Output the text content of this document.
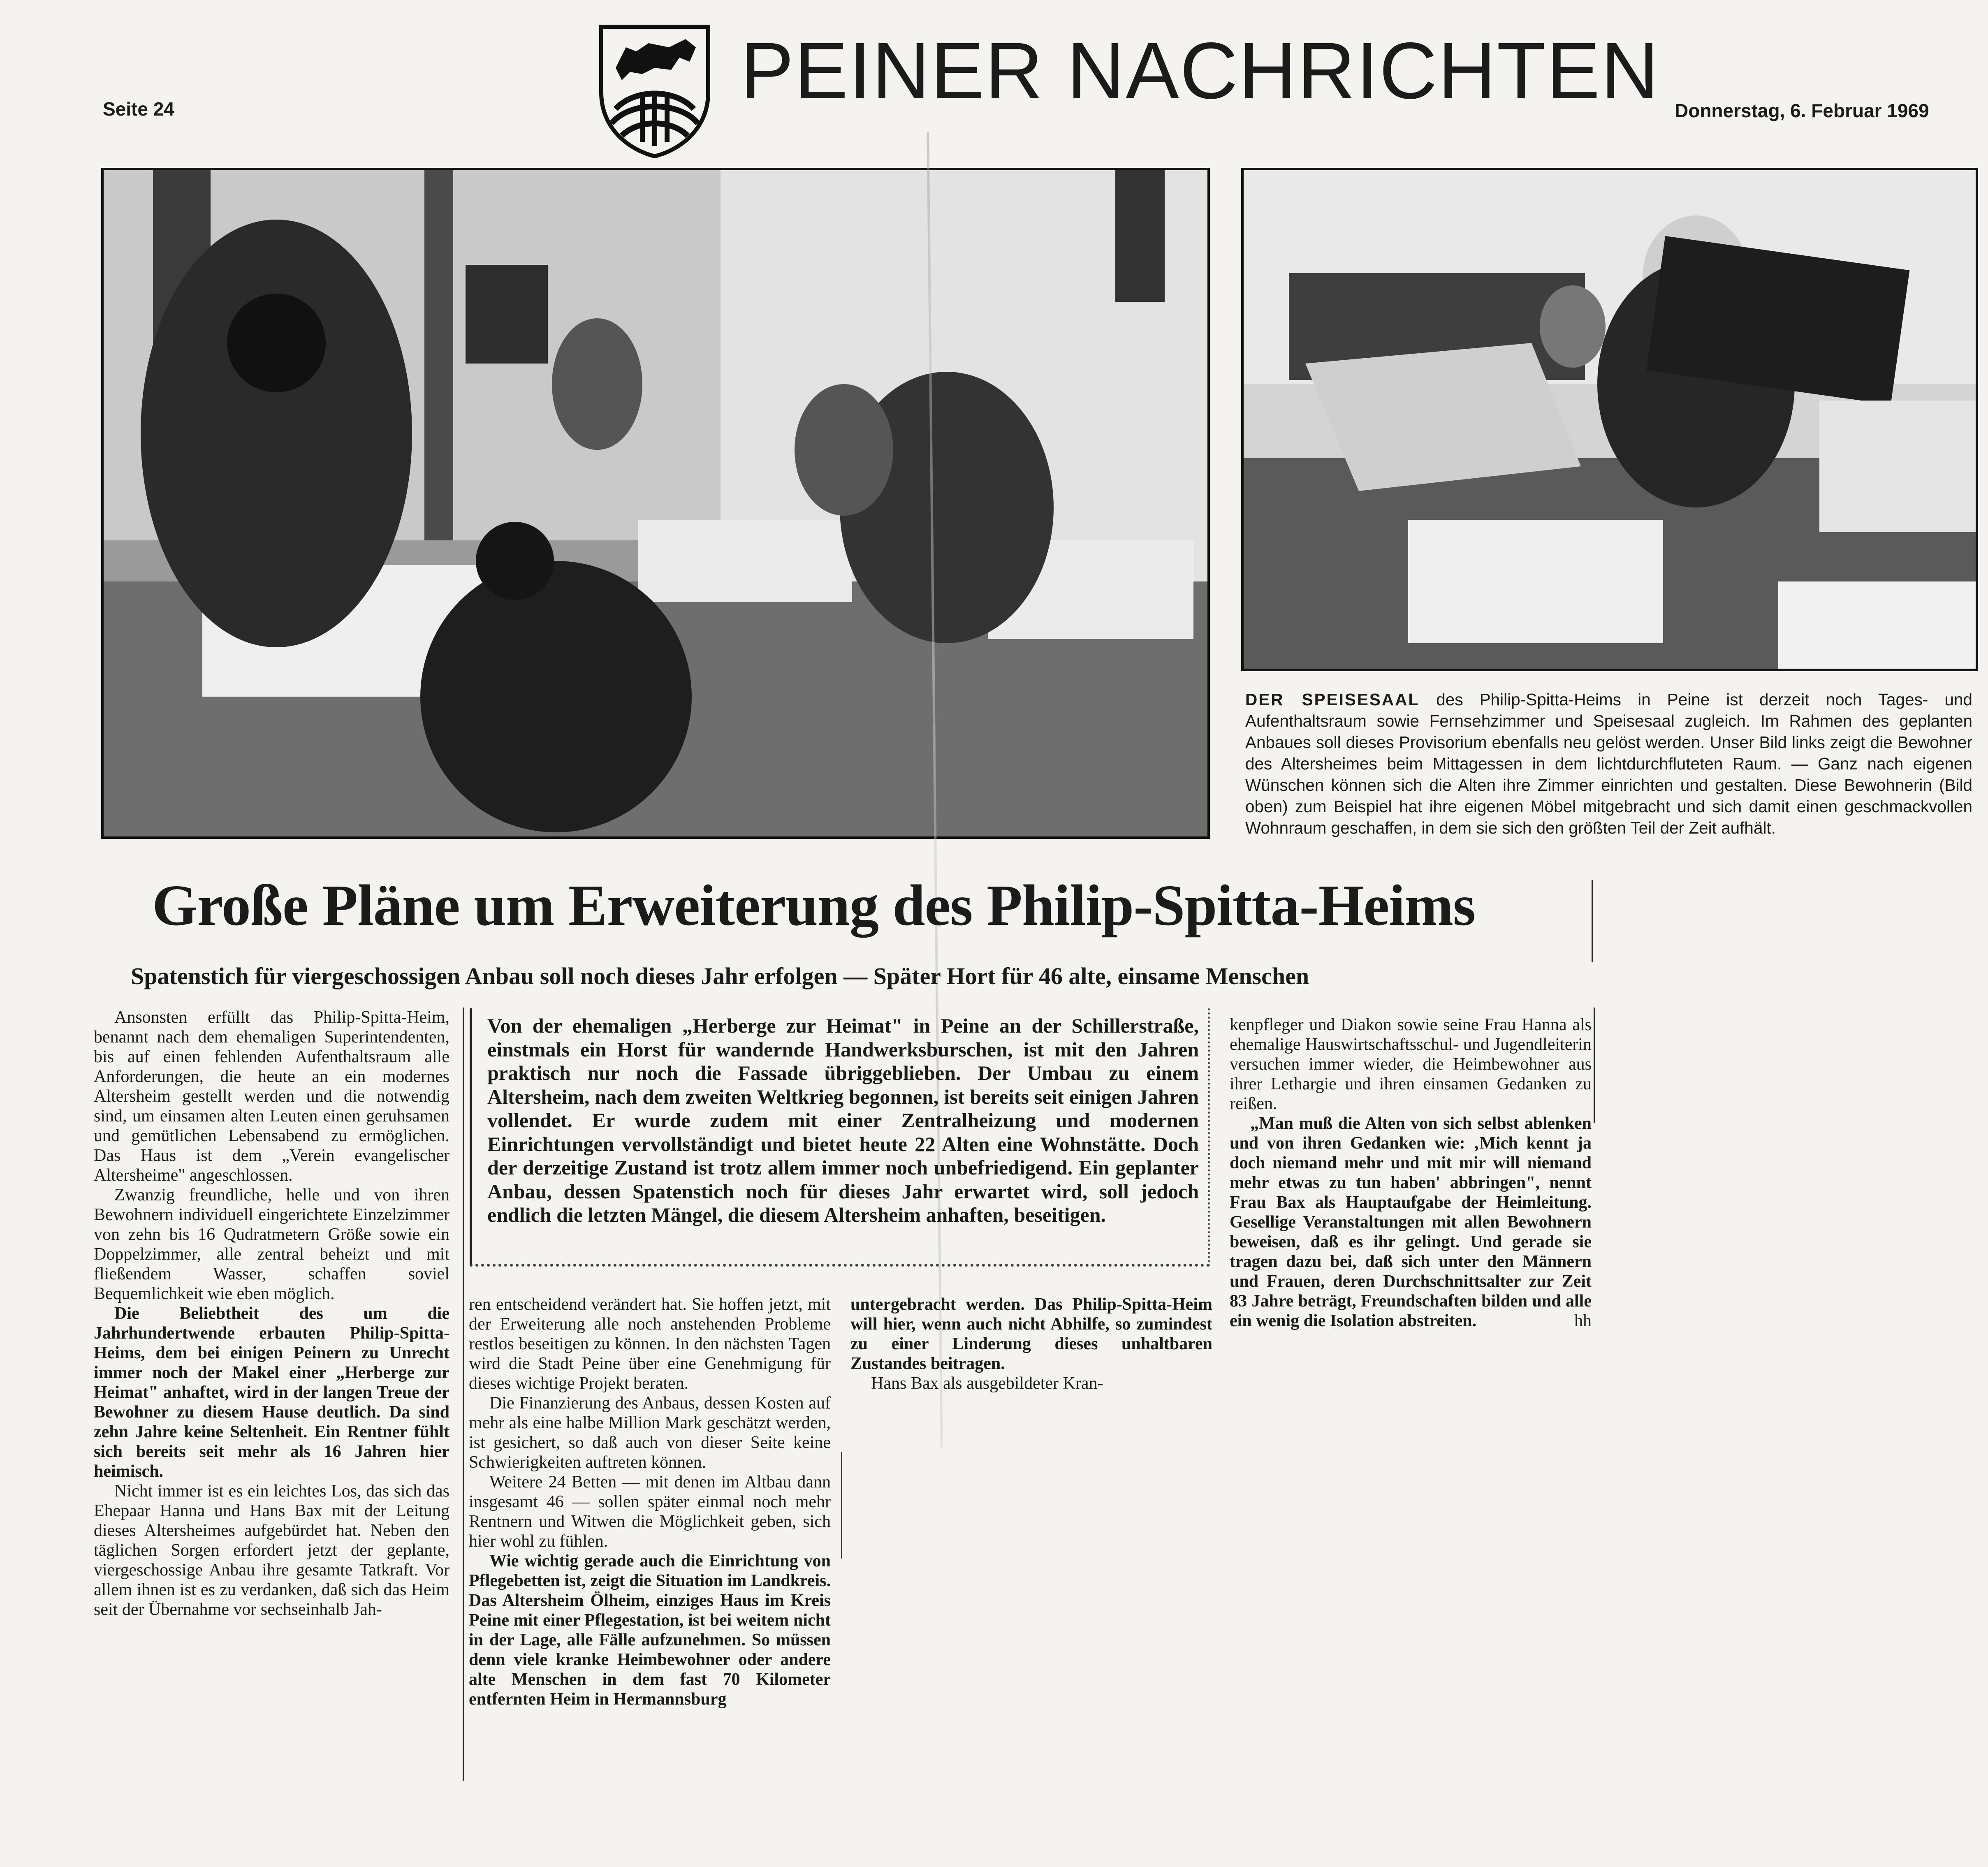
PEINER NACHRICHTEN
Seite 24	Donnerstag, 6. Februar 1969
DER SPEISESAAL des Philip-Spitta-Heims in Peine ist derzeit noch Tages- und Aufenthaltsraum sowie Fernsehzimmer und Speisesaal zugleich. Im Rahmen des geplanten Anbaues soll dieses Provisorium ebenfalls neu gelöst werden. Unser Bild links zeigt die Bewohner des Altersheimes beim Mittagessen in dem lichtdurchfluteten Raum. — Ganz nach eigenen Wünschen können sich die Alten ihre Zimmer einrichten und gestalten. Diese Bewohnerin (Bild oben) zum Beispiel hat ihre eigenen Möbel mitgebracht und sich damit einen geschmackvollen Wohnraum geschaffen, in dem sie sich den größten Teil der Zeit aufhält.
Große Pläne um Erweiterung des Philip-Spitta-Heims
Spatenstich für viergeschossigen Anbau soll noch dieses Jahr erfolgen — Später Hort für 46 alte, einsame Menschen
Von der ehemaligen „Herberge zur Heimat" in Peine an der Schillerstraße, einstmals ein Horst für wandernde Handwerksburschen, ist mit den Jahren praktisch nur noch die Fassade übriggeblieben. Der Umbau zu einem Altersheim, nach dem zweiten Weltkrieg begonnen, ist bereits seit einigen Jahren vollendet. Er wurde zudem mit einer Zentralheizung und modernen Einrichtungen vervollständigt und bietet heute 22 Alten eine Wohnstätte. Doch der derzeitige Zustand ist trotz allem immer noch unbefriedigend. Ein geplanter Anbau, dessen Spatenstich noch für dieses Jahr erwartet wird, soll jedoch endlich die letzten Mängel, die diesem Altersheim anhaften, beseitigen.

Ansonsten erfüllt das Philip-Spitta-Heim, benannt nach dem ehemaligen Superintendenten, bis auf einen fehlenden Aufenthaltsraum alle Anforderungen, die heute an ein modernes Altersheim gestellt werden und die notwendig sind, um einsamen alten Leuten einen geruhsamen und gemütlichen Lebensabend zu ermöglichen. Das Haus ist dem „Verein evangelischer Altersheime" angeschlossen.

Zwanzig freundliche, helle und von ihren Bewohnern individuell eingerichtete Einzelzimmer von zehn bis 16 Qudratmetern Größe sowie ein Doppelzimmer, alle zentral beheizt und mit fließendem Wasser, schaffen soviel Bequemlichkeit wie eben möglich.

Die Beliebtheit des um die Jahrhundertwende erbauten Philip-Spitta-Heims, dem bei einigen Peinern zu Unrecht immer noch der Makel einer „Herberge zur Heimat" anhaftet, wird in der langen Treue der Bewohner zu diesem Hause deutlich. Da sind zehn Jahre keine Seltenheit. Ein Rentner fühlt sich bereits seit mehr als 16 Jahren hier heimisch.

Nicht immer ist es ein leichtes Los, das sich das Ehepaar Hanna und Hans Bax mit der Leitung dieses Altersheimes aufgebürdet hat. Neben den täglichen Sorgen erfordert jetzt der geplante, viergeschossige Anbau ihre gesamte Tatkraft. Vor allem ihnen ist es zu verdanken, daß sich das Heim seit der Übernahme vor sechseinhalb Jah-

ren entscheidend verändert hat. Sie hoffen jetzt, mit der Erweiterung alle noch anstehenden Probleme restlos beseitigen zu können. In den nächsten Tagen wird die Stadt Peine über eine Genehmigung für dieses wichtige Projekt beraten.

Die Finanzierung des Anbaus, dessen Kosten auf mehr als eine halbe Million Mark geschätzt werden, ist gesichert, so daß auch von dieser Seite keine Schwierigkeiten auftreten können.

Weitere 24 Betten — mit denen im Altbau dann insgesamt 46 — sollen später einmal noch mehr Rentnern und Witwen die Möglichkeit geben, sich hier wohl zu fühlen.

Wie wichtig gerade auch die Einrichtung von Pflegebetten ist, zeigt die Situation im Landkreis. Das Altersheim Ölheim, einziges Haus im Kreis Peine mit einer Pflegestation, ist bei weitem nicht in der Lage, alle Fälle aufzunehmen. So müssen denn viele kranke Heimbewohner oder andere alte Menschen in dem fast 70 Kilometer entfernten Heim in Hermannsburg

untergebracht werden. Das Philip-Spitta-Heim will hier, wenn auch nicht Abhilfe, so zumindest zu einer Linderung dieses unhaltbaren Zustandes beitragen.

Hans Bax als ausgebildeter Kran-

kenpfleger und Diakon sowie seine Frau Hanna als ehemalige Hauswirtschaftsschul- und Jugendleiterin versuchen immer wieder, die Heimbewohner aus ihrer Lethargie und ihren einsamen Gedanken zu reißen.

„Man muß die Alten von sich selbst ablenken und von ihren Gedanken wie: ‚Mich kennt ja doch niemand mehr und mit mir will niemand mehr etwas zu tun haben' abbringen", nennt Frau Bax als Hauptaufgabe der Heimleitung. Gesellige Veranstaltungen mit allen Bewohnern beweisen, daß es ihr gelingt. Und gerade sie tragen dazu bei, daß sich unter den Männern und Frauen, deren Durchschnittsalter zur Zeit 83 Jahre beträgt, Freundschaften bilden und alle ein wenig die Isolation abstreiten.	hh
